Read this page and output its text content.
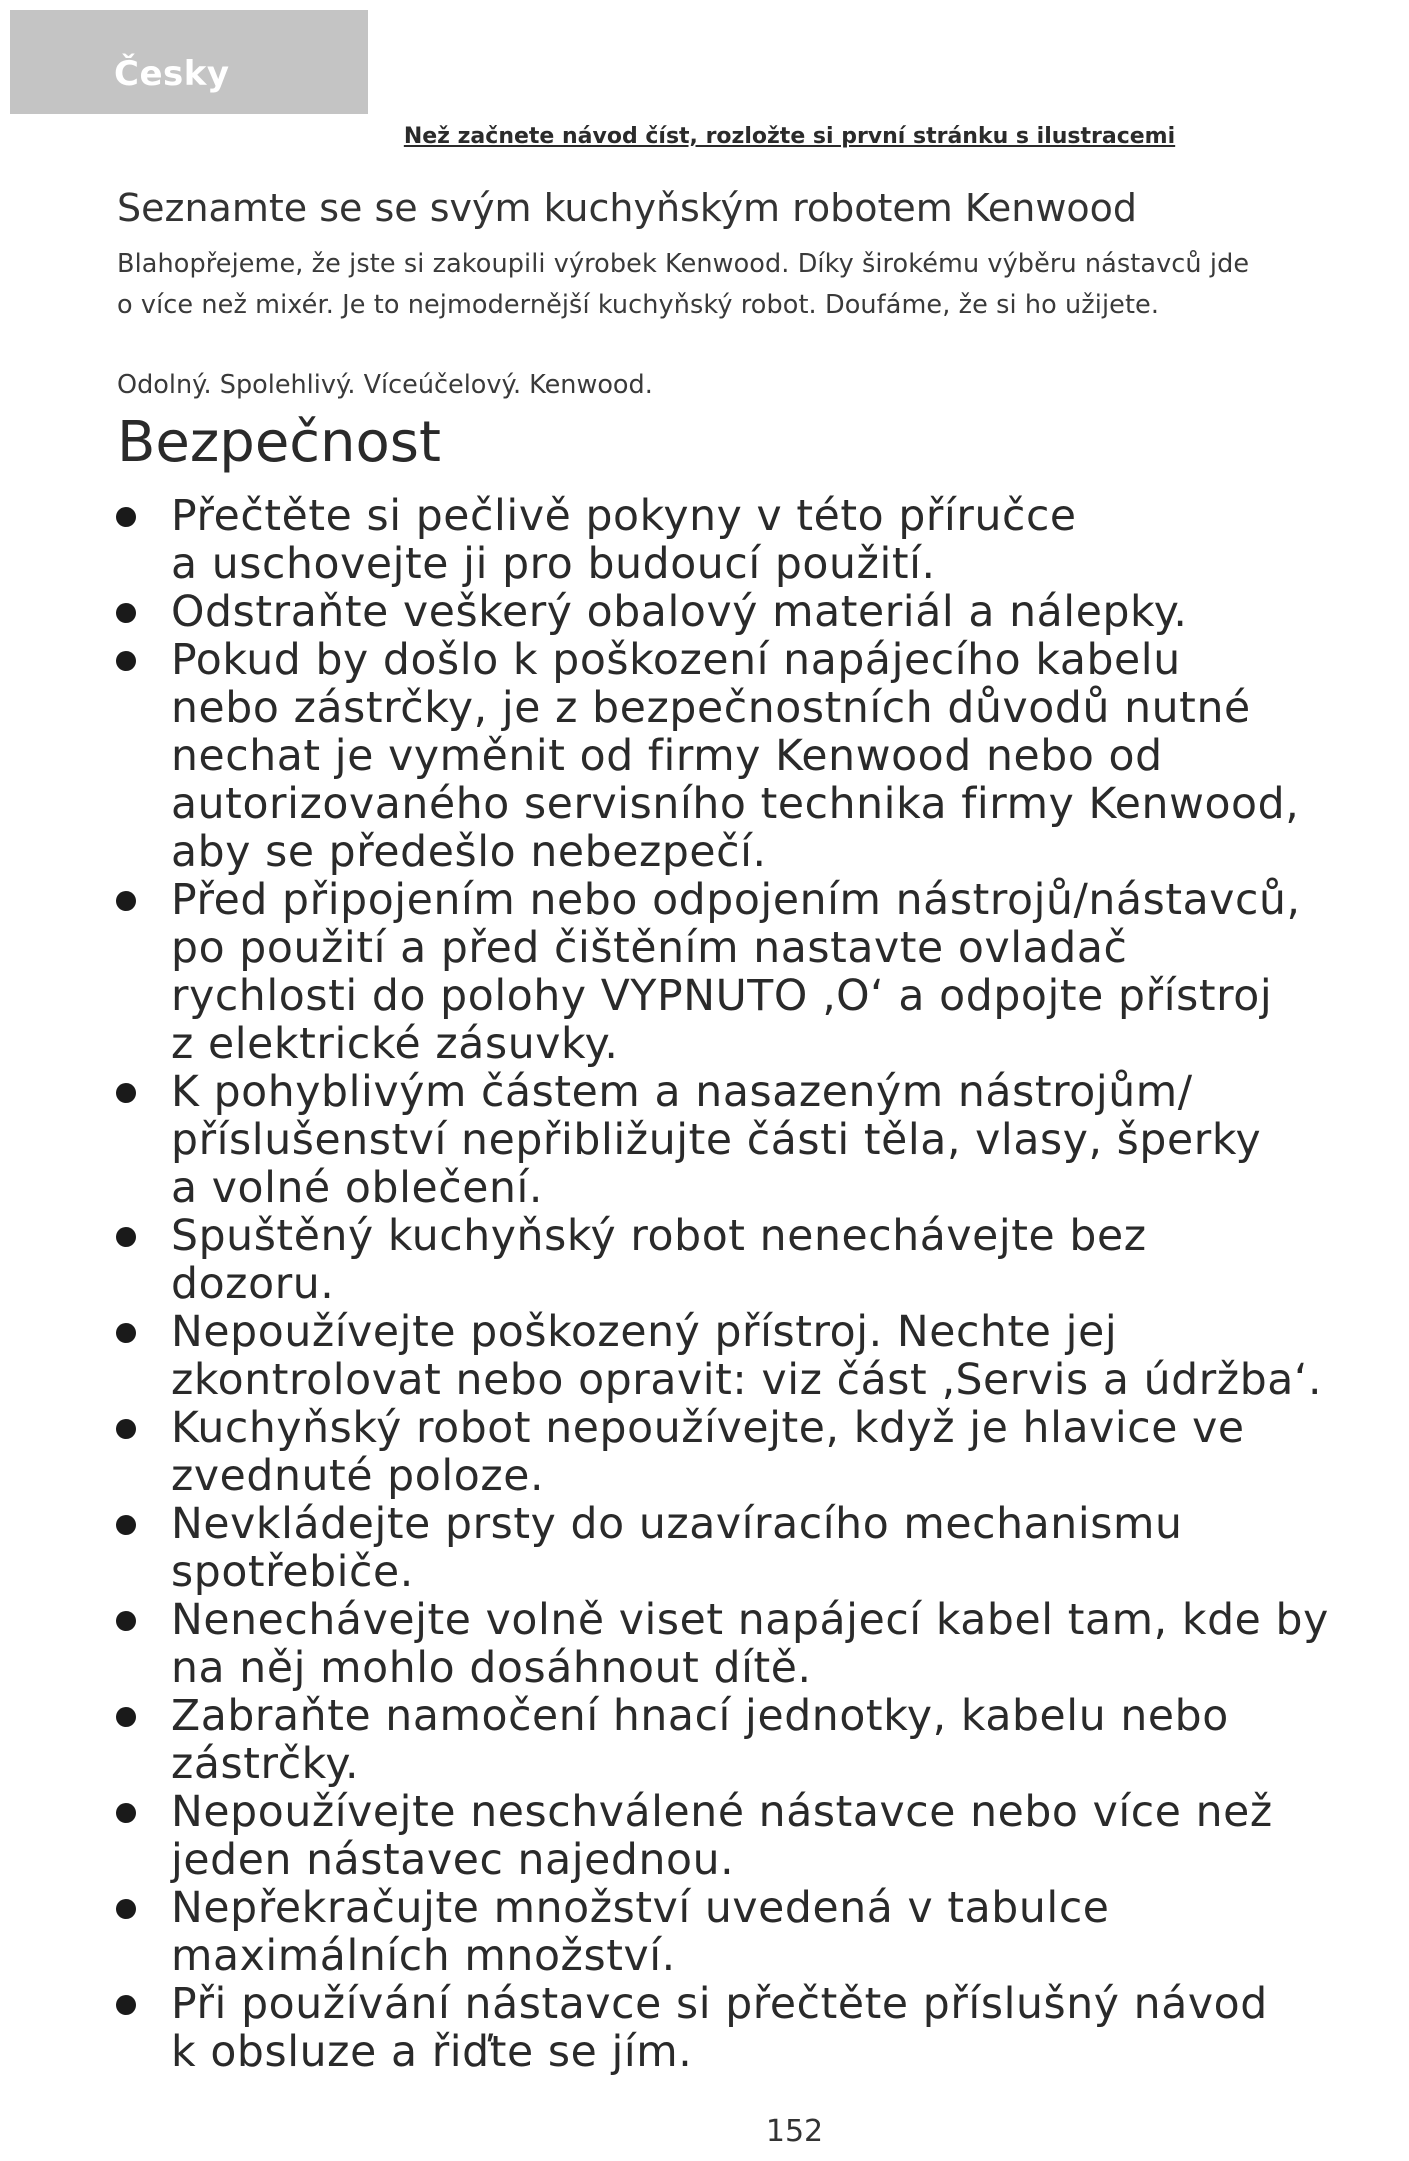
Česky
Než začnete návod číst, rozložte si první stránku s ilustracemi
Seznamte se se svým kuchyňským robotem Kenwood
Blahopřejeme, že jste si zakoupili výrobek Kenwood. Díky širokému výběru nástavců jde
o více než mixér. Je to nejmodernější kuchyňský robot. Doufáme, že si ho užijete.
Odolný. Spolehlivý. Víceúčelový. Kenwood.
Bezpečnost
Přečtěte si pečlivě pokyny v této příručce
a uschovejte ji pro budoucí použití.
Odstraňte veškerý obalový materiál a nálepky.
Pokud by došlo k poškození napájecího kabelu
nebo zástrčky, je z bezpečnostních důvodů nutné
nechat je vyměnit od firmy Kenwood nebo od
autorizovaného servisního technika firmy Kenwood,
aby se předešlo nebezpečí.
Před připojením nebo odpojením nástrojů/nástavců,
po použití a před čištěním nastavte ovladač
rychlosti do polohy VYPNUTO ‚O‘ a odpojte přístroj
z elektrické zásuvky.
K pohyblivým částem a nasazeným nástrojům/
příslušenství nepřibližujte části těla, vlasy, šperky
a volné oblečení.
Spuštěný kuchyňský robot nenechávejte bez
dozoru.
Nepoužívejte poškozený přístroj. Nechte jej
zkontrolovat nebo opravit: viz část ‚Servis a údržba‘.
Kuchyňský robot nepoužívejte, když je hlavice ve
zvednuté poloze.
Nevkládejte prsty do uzavíracího mechanismu
spotřebiče.
Nenechávejte volně viset napájecí kabel tam, kde by
na něj mohlo dosáhnout dítě.
Zabraňte namočení hnací jednotky, kabelu nebo
zástrčky.
Nepoužívejte neschválené nástavce nebo více než
jeden nástavec najednou.
Nepřekračujte množství uvedená v tabulce
maximálních množství.
Při používání nástavce si přečtěte příslušný návod
k obsluze a řiďte se jím.
152
